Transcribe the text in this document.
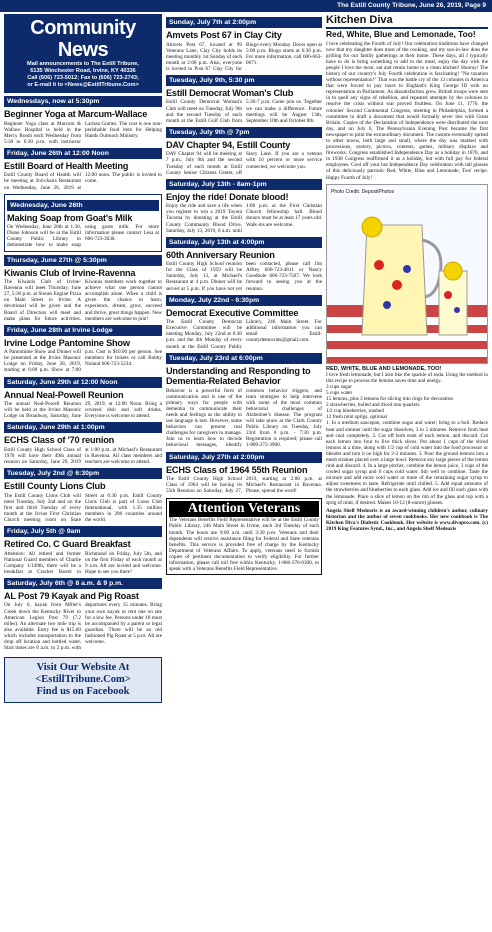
The Estill County Tribune, June 26, 2019, Page 9
Community News
Mail announcements to The Estill Tribune,
6135 Winchester Road, Irvine, KY 40336
Call (606) 723-5012; Fax to (606) 723-2743;
or E-mail it to <News@EstillTribune.Com>
Wednesdays, now at 5:30pm
Beginner Yoga at Marcum-Wallace
Beginner Yoga class at Marcum & Wallace Hospital is held in the Mercy Room each Wednesday from 5:30 to 6:30 p.m. with instructor Larissa Gomez. The cost is one non-perishable food item for Helping Hands Outreach Ministry.
Friday, June 26th at 12:00 Noon
Estill Board of Health Meeting
Estill County Board of Health will be meeting at 3rd-chairs Restaurant on Wednesday, June 26, 2019 at 12:00 noon. The public is invited to come.
Wednesday, June 26th
Making Soap from Goat's Milk
On Wednesday, June 26th at 1:30, Diane Johnson will be at the Estill County Public Library to demonstrate how to make soap using goats milk. For more information please contact Lesa at 606-723-3030.
Thursday, June 27th @ 5:30pm
Kiwanis Club of Irvine-Ravenna
The Kiwanis Club of Irvine-Ravenna will meet Thursday, June 27, 5:30 p.m. at Stones Engine Pizza on Main Street in Irvine. A devotional will be given and the Board of Directors will meet and make plans for future activities. Kiwanis members work together to achieve what one person cannot accomplish alone. When a child is given the chance to learn, experience, dream, grow, succeed and thrive, great things happen. New members are welcome to join!
Friday, June 28th at Irvine Lodge
Irvine Lodge Pantomine Show
A Pantomime Show and Dinner will be presented at the Irvine Masonic Lodge on Friday, June 28, 2019, starting at 6:00 p.m. Show at 7:00 p.m. Cost is $10.00 per person. See members for tickets or call Bobby Noland 606-723-5234.
Saturday, June 29th at 12:00 Noon
Annual Neal-Powell Reunion
The annual Neal-Powell Reunion will be held at the Irvine Masonic Lodge on Broadway, Saturday, June 29, 2019, at 12:00 Noon. Bring a covered dish and soft drinks. Everyone is welcome to attend.
Saturday, June 29th at 1:00pm
ECHS Class of '70 reunion
Estill County High School Class of 1970 will have their 49th annual reunion on Saturday, June 29, 2019 at 1:00 p.m. at Michael's Restaurant in Ravenna. All class members and teachers are welcome to attend.
Tuesday, July 2nd @ 6:30pm
Estill County Lions Club
The Estill County Lions Club will meet Tuesday, July 2nd and on the first and third Tuesday of every month at the Irvine First Christian Church meeting room on State Street at 6:30 p.m. Estill County Lions Club is part of Lions Club International, with 1.35 million members in 200 countries around the world.
Friday, July 5th @ 9am
Retired Co. C Guard Breakfast
Attention: All retired and former National Guard members of Charlie Company 1/149th, there will be a breakfast at Cracker Barrel in Richmond on Friday, July 5th, and on the first Friday of each month at 9 a.m. All are invited and welcome. Hope to see you there!
Saturday, July 6th @ 8 a.m. & 9 p.m.
AL Post 79 Kayak and Pig Roast
On July 6, kayak from Miller's Creek down the Kentucky River to American Legion Post 79 (7.2 miles). An alternate two mile trip is also available. Entry fee is $15.00 which includes transportation to the drop off location and bottled water. Start times are 8 a.m. to 2 p.m. with departures every 15 minutes. Bring your own kayak or rent one on site for a low fee. Persons under 18 must be accompanied by a parent or legal guardian. There will be an old fashioned Pig Roast at 5 p.m. All are welcome.
Visit Our Website At
<EstillTribune.Com>
Find us on Facebook
Sunday, July 7th at 2:00pm
Amvets Post 67 in Clay City
Amvets Post 67, located at 99 Veterans Lane, Clay City holds its meeting monthly 1st Sunday of each month at 2:00 p.m. Also, everyone is invited to Post 67 Clay City for Bingo every Monday. Doors open at 5:00 p.m. Bingo starts at 6:30 p.m. For more information, call 606-663-0671.
Tuesday, July 9th, 5:30 pm
Estill Democrat Woman's Club
Estill County Democrat Woman's Club will meet on Tuesday, July 9th and the second Tuesday of each month at the Estill Golf Club from 5:30-7 p.m. Come join us. Together we can make a difference. Future meetings will be August 13th, September 10th and October 8th.
Tuesday, July 9th @ 7pm
DAV Chapter 94, Estill County
DAV Chapter 94 will be meeting at 7 p.m., July 9th and the second Tuesday of each month at Estill County Senior Citizens Center, off Stacy Lane. If you are a veteran with 10 percent or more service connected, we welcome you.
Saturday, July 13th - 8am-1pm
Enjoy the ride! Donate blood!
Enjoy the ride and save a life when you register to win a 2019 Toyota Tacoma by donating at the Estill County Community Blood Drive, Saturday, July 13, 2019, 8 a.m. until 1:00 p.m. at the First Christian Church fellowship hall. Blood donors must be at least 17 years old. Walk-ins are welcome.
Saturday, July 13th at 4:00pm
60th Anniversary Reunion
Estill County High School reunion for the Class of 1959 will be Saturday, July 13, at Michael's Restaurant at 4 p.m. Dinner will be served at 5 p.m. If you have not yet been contacted, please call Jim Alfrey 606-723-4811 or Nancy Goodbole 606-723-7507. We look forward to seeing you at the reunion.
Monday, July 22nd - 6:30pm
Democrat Executive Committee
The Estill County Democrat Executive Committee will be meeting Monday, July 22nd at 6:30 p.m. and the 4th Monday of every month at the Estill County Public Library, 246 Main Street. For additional information you can email Estill-countydemocrats@gmail.com.
Tuesday, July 23rd at 6:00pm
Understanding and Responding to Dementia-Related Behavior
Behavior is a powerful form of communication and is one of the primary ways for people with dementia to communicate their needs and feelings as the ability to use language is lost. However, some behaviors can present real challenges for caregivers to manage. Join us to learn how to decode behavioral messages, identify common behavior triggers, and learn strategies to help intervene with some of the most common behavioral challenges of Alzheimer's disease. The program will take place at the Clark County Public Library on Tuesday, July 23rd from 6 p.m. - 7:30 p.m. Registration is required; please call 1-800-272-3900.
Saturday, July 27th at 2:00pm
ECHS Class of 1964 55th Reunion
The Estill County High School Class of 1964 will be having its 55th Reunion on Saturday, July 27, 2019, starting at 2:00 p.m. at Michael's Restaurant in Ravenna. Please, spread the word!
Attention Veterans
The Veterans Benefits Field Representative will be at the Estill County Public Library, 246 Main Street in Irvine, each 3rd Tuesday of each month. The hours are 9:00 a.m. until 3:30 p.m. Veterans and their dependents will receive assistance filing for Federal and State veterans benefits. This service is provided free of charge by the Kentucky Department of Veterans Affairs. To apply, veterans need to furnish copies of pertinent documentation to verify eligibility. For further information, please call toll free within Kentucky, 1-866-376-0300, to speak with a Veterans Benefits Field Representative.
Kitchen Diva
Red, White, Blue and Lemonade, Too!
I love celebrating the Fourth of July! Our celebration traditions have changed now that my daughter does most of the cooking, and my son-in-law does the grilling for our family gatherings at their home. These days, all I typically have to do is bring something to add to the meal, enjoy the day with the people I love the most, eat and return home to a clean kitchen! Hooray! The history of our country's July Fourth celebration is fascinating! "No taxation without representation!" That was the battle cry of the 13 colonies in America that were forced to pay taxes to England's King George III with no representation in Parliament. As dissatisfaction grew, British troops were sent in to quell any signs of rebellion, and repeated attempts by the colonies to resolve the crisis without war proved fruitless. On June 11, 1776, the colonies' Second Continental Congress, meeting in Philadelphia, formed a committee to draft a document that would formally sever ties with Great Britain. Copies of the Declaration of Independence were distributed the next day, and on July 6, The Pennsylvania Evening Post became the first newspaper to print the extraordinary document. The custom eventually spread to other towns, both large and small, where the day was marked with processions, oratory, picnics, contests, games, military displays and fireworks. Congress established Independence Day as a holiday in 1870, and in 1938 Congress reaffirmed it as a holiday, but with full pay for federal employees. Cool off your hot Independence Day celebration with tall glasses of this deliciously patriotic Red, White, Blue and Lemonade, Too! recipe. Happy Fourth of July!
Photo Credit: DepositPhotos
RED, WHITE, BLUE AND LEMONADE, TOO!
I love fresh lemonade, but I also like the sparkle of soda. Using the method in this recipe to process the lemons saves time and energy.
3 cups sugar
5 cups water
15 lemons, plus 3 lemons for slicing into rings for decoration
2 strawberries, hulled and diced into quarters
1/2 cup blueberries, washed
12 fresh mint sprigs, optional
1. In a medium saucepan, combine sugar and water; bring to a boil. Reduce heat and simmer until the sugar dissolves, 3 to 5 minutes. Remove from heat and cool completely. 2. Cut off both ends of each lemon, and discard. Cut each lemon into four to five thick slices. Put about 1 cups of the sliced lemons at a time, along with 1/2 cup of cold water into the food processor or blender and turn it on high for 2-3 minutes. 3. Pour the ground lemons into a mesh strainer placed over a large bowl. Remove any large pieces of the lemon rind and discard. 4. In a large pitcher, combine the lemon juice, 3 cups of the cooled sugar syrup and 6 cups cold water. Stir well to combine. Taste the mixture and add more cold water or more of the remaining sugar syrup to adjust sweetness to taste. Refrigerate until chilled. 5. Add equal amounts of the strawberries and blueberries to each glass. Add ice and fill each glass with the lemonade. Place a slice of lemon on the rim of the glass and top with a sprig of mint, if desired. Makes 10-12 (8-ounce) glasses.
Angela Shelf Medearis is an award-winning children's author, culinary historian and the author of seven cookbooks. Her new cookbook is The Kitchen Diva's Diabetic Cookbook. Her website is www.divapro.com. (c) 2019 King Features Synd., Inc., and Angela Shelf Medearis
